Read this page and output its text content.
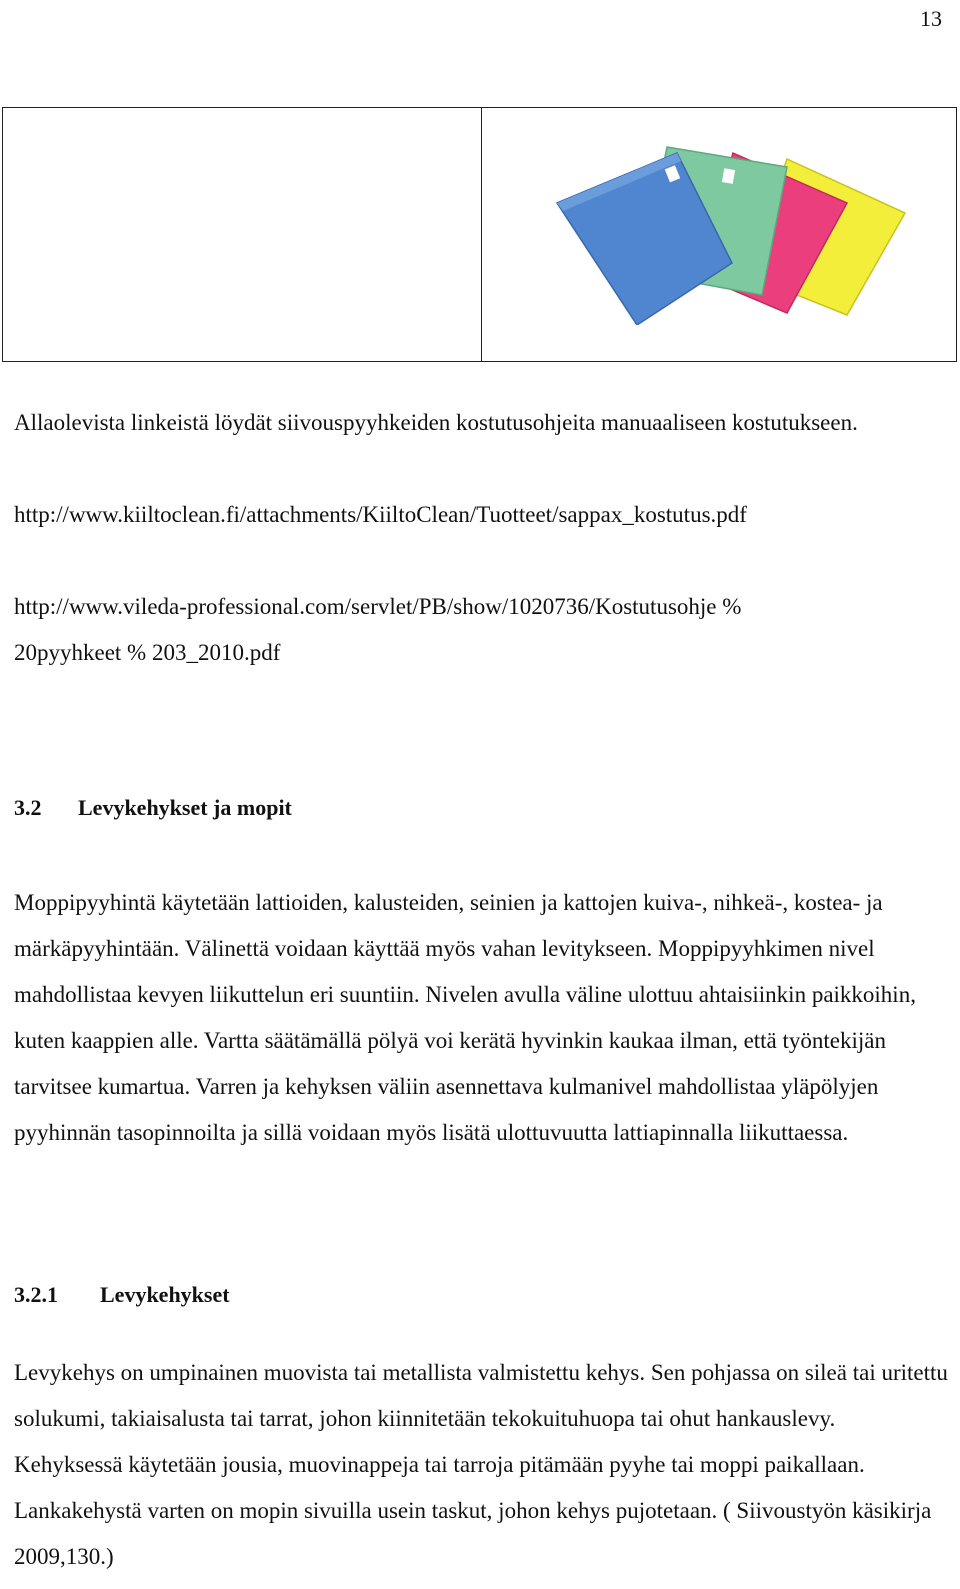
13

Allaolevista linkeistä löydät siivouspyyhkeiden kostutusohjeita manuaaliseen kostutukseen.

http://www.kiiltoclean.fi/attachments/KiiltoClean/Tuotteet/sappax_kostutus.pdf

http://www.vileda-professional.com/servlet/PB/show/1020736/Kostutusohje %
20pyyhkeet % 203_2010.pdf
3.2 Levykehykset ja mopit

Moppipyyhintä käytetään lattioiden, kalusteiden, seinien ja kattojen kuiva-, nihkeä-, kostea- ja märkäpyyhintään. Välinettä voidaan käyttää myös vahan levitykseen. Moppipyyhkimen nivel mahdollistaa kevyen liikuttelun eri suuntiin. Nivelen avulla väline ulottuu ahtaisiinkin paikkoihin, kuten kaappien alle. Vartta säätämällä pölyä voi kerätä hyvinkin kaukaa ilman, että työntekijän tarvitsee kumartua. Varren ja kehyksen väliin asennettava kulmanivel mahdollistaa yläpölyjen pyyhinnän tasopinnoilta ja sillä voidaan myös lisätä ulottuvuutta lattiapinnalla liikuttaessa.

3.2.1 Levykehykset

Levykehys on umpinainen muovista tai metallista valmistettu kehys. Sen pohjassa on sileä tai uritettu solukumi, takiaisalusta tai tarrat, johon kiinnitetään tekokuituhuopa tai ohut hankauslevy. Kehyksessä käytetään jousia, muovinappeja tai tarroja pitämään pyyhe tai moppi paikallaan. Lankakehystä varten on mopin sivuilla usein taskut, johon kehys pujotetaan. ( Siivoustyön käsikirja 2009,130.)
